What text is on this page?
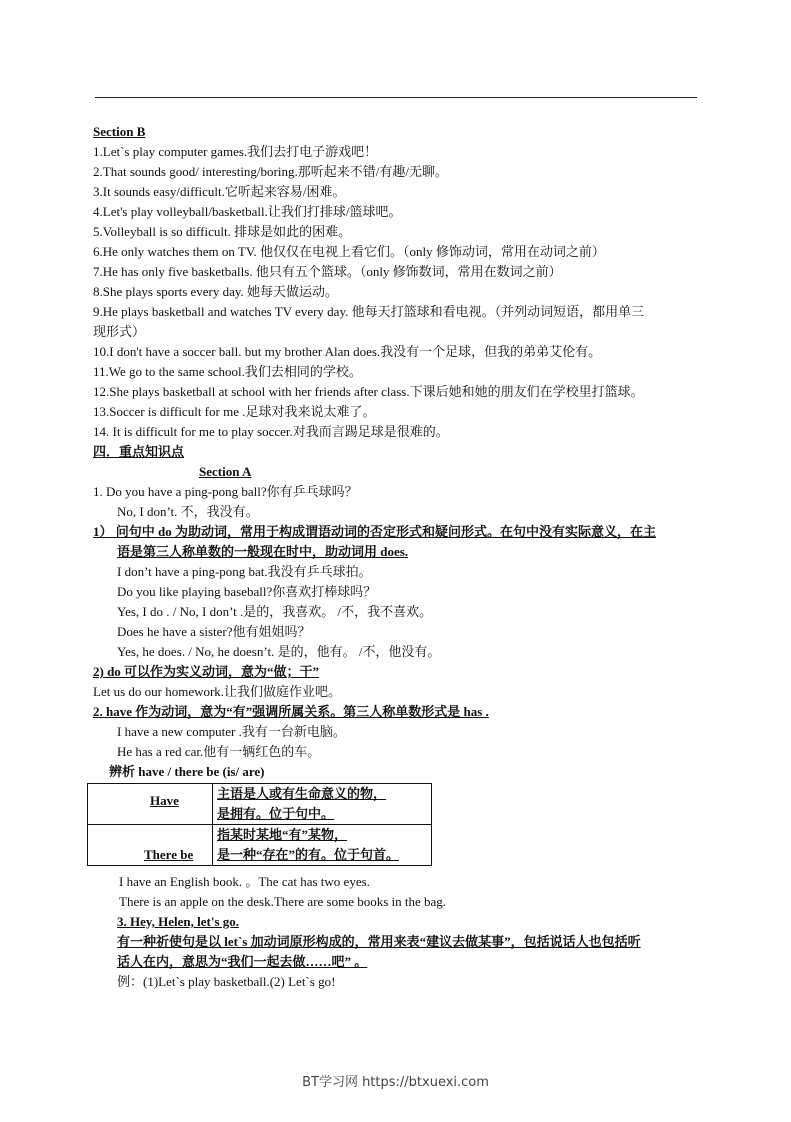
Section B
1.Let`s play computer games.我们去打电子游戏吧！
2.That sounds good/ interesting/boring.那听起来不错/有趣/无聊。
3.It sounds easy/difficult.它听起来容易/困难。
4.Let's play volleyball/basketball.让我们打排球/篮球吧。
5.Volleyball is so difficult. 排球是如此的困难。
6.He only watches them on TV. 他仅仅在电视上看它们。（only 修饰动词，常用在动词之前）
7.He has only five basketballs. 他只有五个篮球。（only 修饰数词，常用在数词之前）
8.She plays sports every day. 她每天做运动。
9.He plays basketball and watches TV every day. 他每天打篮球和看电视。（并列动词短语，都用单三
现形式）
10.I don't have a soccer ball. but my brother Alan does.我没有一个足球，但我的弟弟艾伦有。
11.We go to the same school.我们去相同的学校。
12.She plays basketball at school with her friends after class.下课后她和她的朋友们在学校里打篮球。
13.Soccer is difficult for me .足球对我来说太难了。
14. It is difficult for me to play soccer.对我而言踢足球是很难的。
四．重点知识点
Section A
1. Do you have a ping-pong ball?你有乒乓球吗？
No, I don’t. 不，我没有。
1） 问句中 do 为助动词，常用于构成谓语动词的否定形式和疑问形式。在句中没有实际意义，在主
语是第三人称单数的一般现在时中，助动词用 does.
I don’t have a ping-pong bat.我没有乒乓球拍。
Do you like playing baseball?你喜欢打棒球吗？
Yes, I do . / No, I don’t .是的，我喜欢。 /不，我不喜欢。
Does he have a sister?他有姐姐吗？
Yes, he does. / No, he doesn’t. 是的，他有。 /不，他没有。
2) do 可以作为实义动词，意为“做；干”
Let us do our homework.让我们做庭作业吧。
2. have 作为动词，意为“有”强调所属关系。第三人称单数形式是 has .
I have a new computer .我有一台新电脑。
He has a red car.他有一辆红色的车。
辨析 have / there be (is/ are)
Have	主语是人或有生命意义的物，
是拥有。位于句中。

There be	指某时某地“有”某物，
是一种“存在”的有。位于句首。
I have an English book. 。The cat has two eyes.
There is an apple on the desk.There are some books in the bag.
3. Hey, Helen, let's go.
有一种祈使句是以 let`s 加动词原形构成的，常用来表“建议去做某事”，包括说话人也包括听
话人在内，意思为“我们一起去做……吧” 。
例：(1)Let`s play basketball.(2) Let`s go!
BT学习网 https://btxuexi.com
